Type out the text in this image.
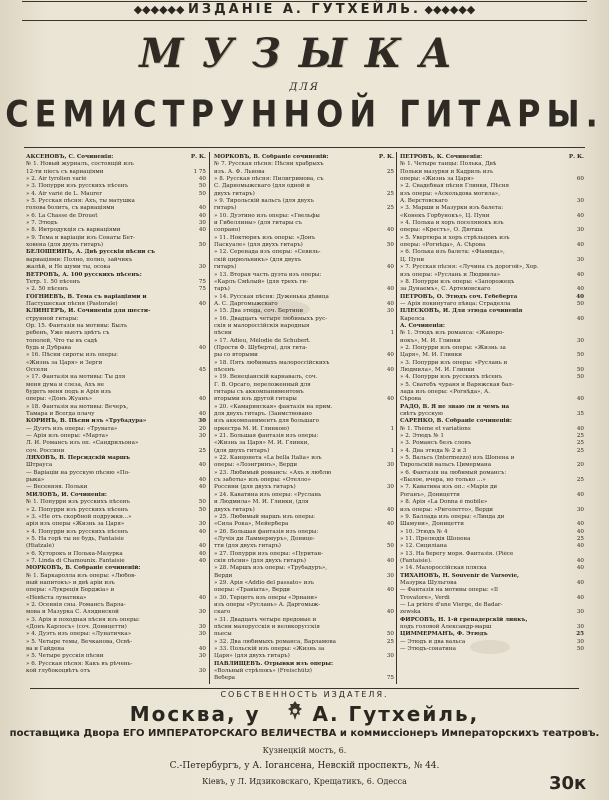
◆◆◆◆◆◆ ИЗДАНІЕ А. ГУТХЕЙЛЬ. ◆◆◆◆◆◆
МУЗЫКА
ДЛЯ
СЕМИСТРУННОЙ ГИТАРЫ.
АКСЕНОВЪ, С. Сочиненія:	Р. К.
№ 1. Новый журналъ, состоящій изъ
12-ти піесъ съ вариаціями	1 75
» 2. Air tyrolien varié	40
» 3. Попурри изъ русскихъ пѣсенъ	50
» 4. Air varié de L. Maurer	50
» 5. Русская пѣсня: Ахъ, ты матушка
голова болитъ, съ вариаціями	40
» 6. La Chasse de Drouet	40
» 7. Этюдъ	30
» 8. Интродукція съ вариаціями	40
» 9. Тема и варіаціи изъ Сонаты Бет-
ховена (для двухъ гитаръ)	50
БЕЛОШЕИНЪ, А. Двѣ русскія пѣсни съ
вариаціями: Полно, полно, зайчикъ
жалѣй, и Не шуми ты, осока	30
ВЕТРОВЪ, А. 100 русскихъ пѣсенъ:
Тетр. 1. 50 пѣсенъ	75
» 2. 50 пѣсенъ	75
ГОГНИЕВЪ, В. Тема съ варіаціями и
Пастушеская пѣсня (Pastorale)	40
КЛИНГЕРЪ, И. Сочиненія для шести-
струнной гитары:
Ор. 15. Фантазія на мотивы: Былъ
ребенъ, Уже вьютъ цвѣтъ съ
тополей, Что ты въ садѣ
будь и Дубрава	40
» 16. Пѣсни сироты изъ оперы:
«Жизнь за Царя» и Зерги
Оссели	45
» 17. Фантазія на мотивы: Ты для
меня дума и слеза, Ахъ не
будетъ меня подъ и Арія изъ
оперы: «Донъ Жуанъ»	40
» 18. Фантазія на мотивы: Вечеръ,
Тамара и Всегда плачу	40
КОРИНЪ, В. Пѣсни изъ «Трубадура»	30
— Дуэтъ изъ оперы: «Трувата»	20
— Арія изъ оперы: «Марта»	30
Л. И. Романсъ изъ оп. «Сандрильона»
соч. Россини	25
ЛЯХОВЪ, В. Персидскій маршъ
Штрауса	40
— Варіаціи на русскую пѣсню «По-
рыка»	40
— Весенняя. Польки	40
МИЛОВЪ, И. Сочиненія:
№ 1. Попурри изъ русскихъ пѣсенъ	50
» 2. Попурри изъ русскихъ пѣсенъ	50
» 3. «Не отъ скорбной подружки...»
арія изъ оперы «Жизнь за Царя»	30
» 4. Попурри изъ русскихъ пѣсенъ	40
» 5. На горѣ ты не будь, Fantaisie
(Hiatzalé)	40
» 6. Хуторокъ и Полька-Мазурка	40
» 7. Linda di Chamounix. Fantaisie	40
МОРКОВЪ, В. Собраніе сочиненій:
№ 1. Баркаролла изъ оперы: «Любов-
ный напитокъ» и двѣ аріи изъ
оперы: «Лукреція Борджіа» и
«Невѣста лунатика»	40
» 2. Осеннія сны. Романсъ Варла-
мова и Мазурка С. Алядинской	30
» 3. Арія и походная пѣсня изъ оперы:
«Донъ Карлосъ» (соч. Доницетти)	30
» 4. Дуэтъ изъ оперы: «Лунатичка»	30
» 5. Четыре темы, Вечканова, Освѣ-
ва и Гайдена	40
» 5. Четыре русскія пѣсни	30
» 6. Русская пѣсня: Какъ въ рѣчень-
кой глубокоцвѣтъ отъ	30
МОРКОВЪ, В. Собраніе сочиненій:	Р. К.
№ 7. Русская пѣсня: Пѣсни храбрыхъ
изъ. А. Ф. Львова	25
» 8. Русская пѣсня: Пилигримова, съ
С. Дарномыжскаго (для одной и
двухъ гитаръ)	25
» 9. Тирольскій вальсъ (для двухъ
гитаръ)	25
» 10. Дуэтино изъ оперы: «Гвельфы
и Гибеллины» (для гитары съ
сопрано)	40
» 11. Ноктюрнъ изъ оперы: «Донъ
Паскуале» (для двухъ гитаръ)	50
» 12. Серенада изъ оперы: «Севиль-
скій цирюльникъ» (для двухъ
гитаръ)	40
» 13. Вторая часть дуэта изъ оперы:
«Карлъ Смѣлый» (для трехъ ги-
таръ)	40
» 14. Русская пѣсня: Дуженька дѣвица
А. С. Даргомыжскаго	40
» 15. Два этюда, соч. Бертини	30
» 16. Двадцать четыре любимыхъ рус-
скія и малороссійскія народныя
пѣсни	1
» 17. Adieu, Mélodie de Schubert.
(Прости Ф. Шуберта), для гита-
ры со вторыми	40
» 18. Пять любимыхъ малороссійскихъ
пѣсенъ	40
» 19. Венеціанскій карнавалъ, соч.
Г. В. Орсаго, переложенный для
гитары съ аккомпаниментомъ
вторыми изъ другой гитары	40
» 20. «Камаринская» фантазія на прим.
для двухъ гитаръ. (Заимствовано
изъ аккомпаниментъ для большаго
оркестра М. И. Глинкою)	1
» 21. Большая фантазія изъ оперы:
«Жизнь за Царя» М. И. Глинки,
(для двухъ гитаръ)	1
» 22. Канцонета «La bella Italia» изъ
оперы: «Лоэнгринъ», Верди	30
» 23. Любимый романсъ: «Ахъ я люблю
съ заботы» изъ оперы: «Отелло»
Россини (для двухъ гитаръ)	30
» 24. Каватина изъ оперы: «Руслань
и Людмила» М. И. Глинки, (для
двухъ гитаръ)	40
» 25. Любимый маршъ изъ оперы:
«Сила Рока», Мейербера	40
» 26. Большая фантазія изъ оперы:
«Лучія ди Ламмермуръ», Донице-
тти (для двухъ гитаръ)	50
» 27. Попурри изъ оперы: «Пуритан-
скія пѣсни» (для двухъ гитаръ)	40
» 28. Маршъ изъ оперы: «Трубадуръ»,
Верди	30
» 29. Арія «Addio del passato» изъ
оперы: «Травіата», Верди	40
» 30. Терцетъ изъ оперы «Эрнани»
изъ оперы «Руслань» А. Даргомыж-
скаго	40
» 31. Двадцать четыре предовые и
пѣсни малорусскія и великорусскія
пьесы	50
» 32. Два любимыхъ романса, Варламова	25
» 33. Польскій изъ оперы: «Жизнь за
Царя» (для двухъ гитаръ)	30
ПАВЛИЩЕВЪ. Отрывки изъ оперы:
«Вольный стрѣлокъ» (Freischütz)
Вебера	75
ПЕТРОВЪ, К. Сочиненія:	Р. К.
№ 1. Четыре танцы: Полька, Двѣ
Польки мазурки и Кадриль изъ
оперы: «Жизнь за Царя»	60
» 2. Свадебная пѣсня Глинки, Пѣсня
изъ оперы: «Аскольдова могила»,
А. Верстовскаго	30
» 3. Марши и Мазурки изъ балета:
«Конекъ Горбунокъ», Ц. Пуни	40
» 4. Полька и хоръ поселянокъ изъ
оперы: «Крестъ», О. Дютша	30
» 5. Увертюра и хоръ стрѣльцовъ изъ
оперы: «Рогнѣда», А. Сѣрова	40
» 6. Полька изъ балета: «Фіамида»,
Ц. Пуни	30
» 7. Русская пѣсня: «Лучина съ дорогой», Хор.
изъ оперы: «Руслань и Людмила»	40
» 8. Попурри изъ оперы: «Запорожецъ
за Дунаемъ», С. Артемовскаго	40
ПЕТРОВЪ, О. Этюдъ соч. Гебеберта	40
— Арія покинутаго пѣвца: Страделла	50
ПЛЕСКОВЪ, И. Для этюда сочиненія
Карелса	40
А. Сочиненія:
№ 1. Этюдъ изъ романса: «Жаворо-
нокъ», М. И. Глинки	30
» 2. Попурри изъ оперы: «Жизнь за
Царя», М. И. Глинки	50
» 3. Попурри изъ оперы: «Руслань и
Людмила», М. И. Глинки	50
» 4. Попурри изъ русскихъ пѣсенъ	50
» 5. Сватебъ чураня и Варяжская бал-
лада изъ оперы: «Рогнѣда», А.
Сѣрова	40
РАДО, В. Я не знаю ли я чемъ на
свѣтъ русскую	35
САРЕНКО, В. Собраніе сочиненій:
№ 1. Thème et variations	40
» 2. Этюдъ № 1	25
» 3. Романсъ безъ словъ	25
» 4. Два этюда № 2 и 3	25
» 5. Вальсъ (Intermezzo) изъ Шопена и
Тирольскій вальсъ Цимермана	20
» 6. Фантазія на любимый романсъ:
«Былое, вчера, но только ...»	25
» 7. Каватина изъ оп.: «Марія ди
Роганъ», Доницетти	40
» 8. Арія «La Donna è mobile»
изъ оперы: «Риголетто», Верди	30
» 9. Баллада изъ оперы: «Линда ди
Шамуни», Доницетти	40
» 10. Этюдъ № 4	40
» 11. Прелюдія Шопена	25
» 12. Сициліана	40
» 13. На берегу моря. Фантазія. (Pièce
(Fantaisie).	40
» 14. Малороссійская пляска	40
ТИХАНОВЪ, Н. Souvenir de Varsovie,
Мазурка Шульгова	40
— Фантазія на мотивы оперы: «Il
Trovatore», Verdi	40
— La prière d'une Vierge, de Badar-
zewska	30
ФИРСОВЪ, Н. 1-й гренадерскій линкъ,
подъ головой Александр-марш	30
ЦИММЕРМАНЪ, Ф. Этюдъ	25
— Этюдъ и два вальса	30
— Этюдъ-сонатина	50
СОБСТВЕННОСТЬ ИЗДАТЕЛЯ.
Москва, у	А. Гутхейль,
поставщика Двора ЕГО ИМПЕРАТОРСКАГО ВЕЛИЧЕСТВА и коммиссіонеръ Императорскихъ театровъ.
Кузнецкій мостъ, 6.
С.-Петербургъ, у А. Іогансена, Невскій проспектъ, № 44.
Кіевъ, у Л. Идзиковскаго, Крещатикъ, 6. Одесса	30к
